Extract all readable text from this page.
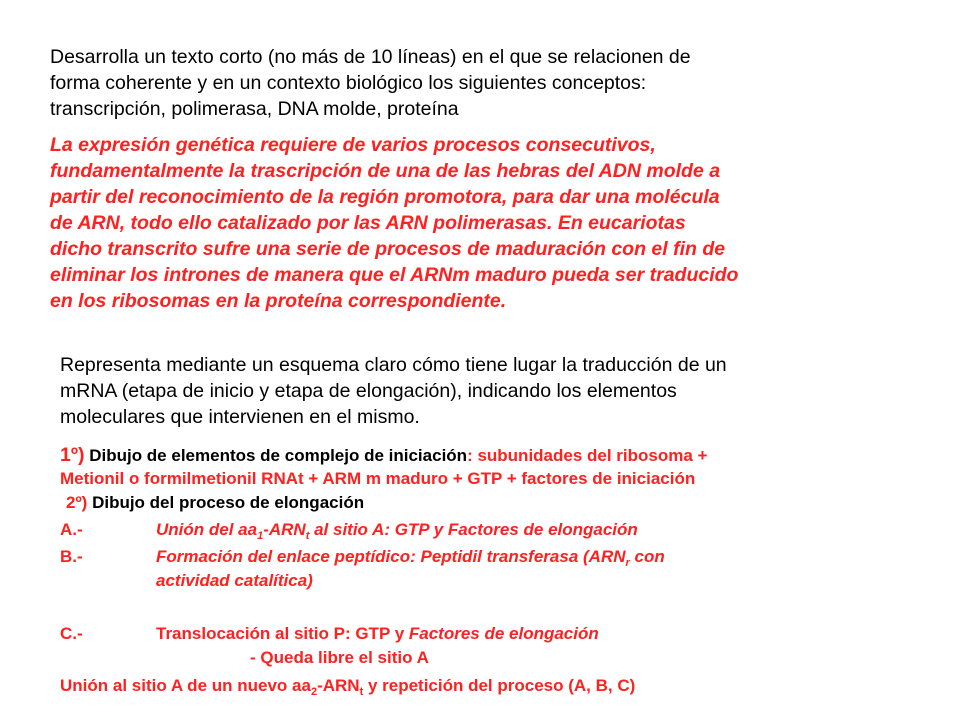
Desarrolla un texto corto (no más de 10 líneas) en el que se relacionen de
forma coherente y en un contexto biológico los siguientes conceptos:
transcripción, polimerasa, DNA molde, proteína
La expresión genética requiere de varios procesos consecutivos,
fundamentalmente la trascripción de una de las hebras del ADN molde a
partir del reconocimiento de la región promotora, para dar una molécula
de ARN, todo ello catalizado por las ARN polimerasas. En eucariotas
dicho transcrito sufre una serie de procesos de maduración con el fin de
eliminar los intrones de manera que el ARNm maduro pueda ser traducido
en los ribosomas en la proteína correspondiente.
Representa mediante un esquema claro cómo tiene lugar la traducción de un
mRNA (etapa de inicio y etapa de elongación), indicando los elementos
moleculares que intervienen en el mismo.
1º) Dibujo de elementos de complejo de iniciación: subunidades del ribosoma +
Metionil o formilmetionil RNAt + ARM m maduro + GTP + factores de iniciación
2º) Dibujo del proceso de elongación
A.-	Unión del $aa_1-ARN_t$ al sitio A: GTP y Factores de elongación
B.-	Formación del enlace peptídico: Peptidil transferasa ($ARN_r$ con
actividad catalítica)
C.-	Translocación al sitio P: GTP y Factores de elongación
- Queda libre el sitio A
Unión al sitio A de un nuevo $aa_2-ARN_t$ y repetición del proceso (A, B, C)
